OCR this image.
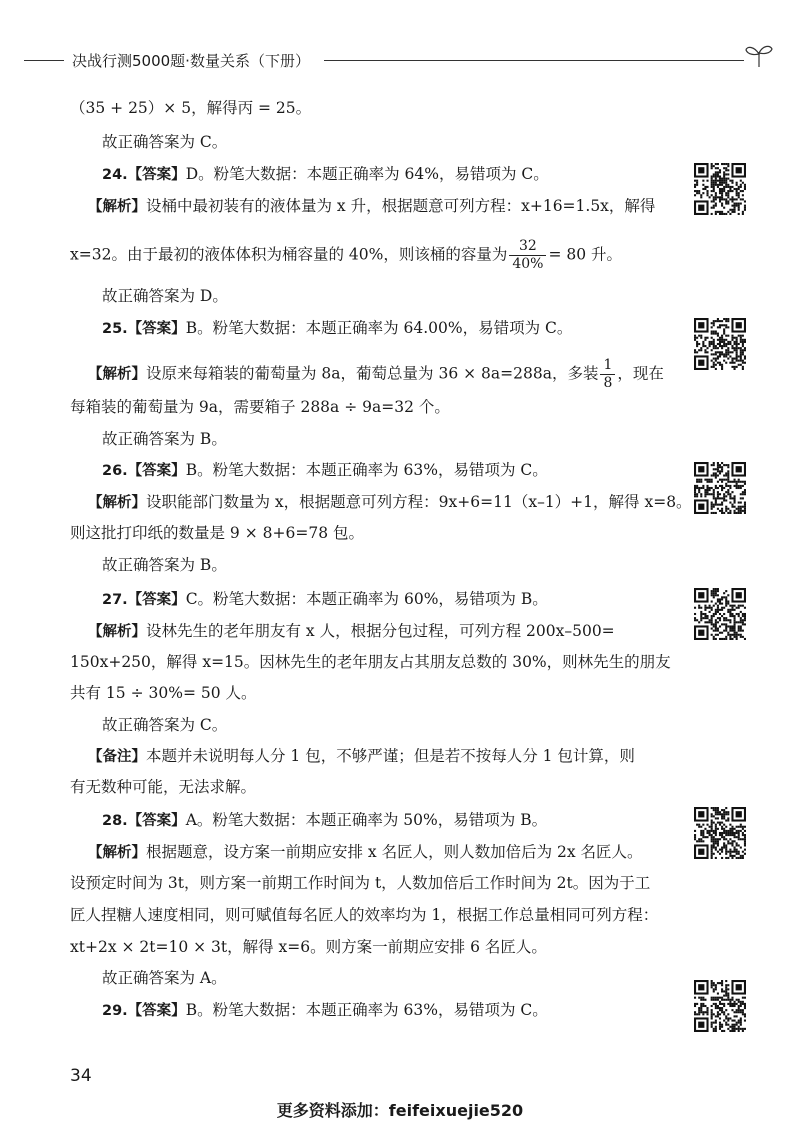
决战行测5000题·数量关系（下册）
（35 + 25）× 5，解得丙 = 25。
故正确答案为 C。
24.【答案】D。粉笔大数据：本题正确率为 64%，易错项为 C。
【解析】设桶中最初装有的液体量为 x 升，根据题意可列方程：x+16=1.5x，解得
x=32。由于最初的液体体积为桶容量的 40%，则该桶的容量为 $\frac{32}{40\%} = 80$ 升。
故正确答案为 D。
25.【答案】B。粉笔大数据：本题正确率为 64.00%，易错项为 C。
【解析】设原来每箱装的葡萄量为 8a，葡萄总量为 36 × 8a=288a，多装 $\frac{1}{8}$ ，现在
每箱装的葡萄量为 9a，需要箱子 288a ÷ 9a=32 个。
故正确答案为 B。
26.【答案】B。粉笔大数据：本题正确率为 63%，易错项为 C。
【解析】设职能部门数量为 x，根据题意可列方程：9x+6=11（x–1）+1，解得 x=8。
则这批打印纸的数量是 9 × 8+6=78 包。
故正确答案为 B。
27.【答案】C。粉笔大数据：本题正确率为 60%，易错项为 B。
【解析】设林先生的老年朋友有 x 人，根据分包过程，可列方程 200x–500=
150x+250，解得 x=15。因林先生的老年朋友占其朋友总数的 30%，则林先生的朋友
共有 15 ÷ 30%= 50 人。
故正确答案为 C。
【备注】本题并未说明每人分 1 包，不够严谨；但是若不按每人分 1 包计算，则
有无数种可能，无法求解。
28.【答案】A。粉笔大数据：本题正确率为 50%，易错项为 B。
【解析】根据题意，设方案一前期应安排 x 名匠人，则人数加倍后为 2x 名匠人。
设预定时间为 3t，则方案一前期工作时间为 t，人数加倍后工作时间为 2t。因为于工
匠人捏糖人速度相同，则可赋值每名匠人的效率均为 1，根据工作总量相同可列方程：
xt+2x × 2t=10 × 3t，解得 x=6。则方案一前期应安排 6 名匠人。
故正确答案为 A。
29.【答案】B。粉笔大数据：本题正确率为 63%，易错项为 C。
34
更多资料添加：feifeixuejie520
